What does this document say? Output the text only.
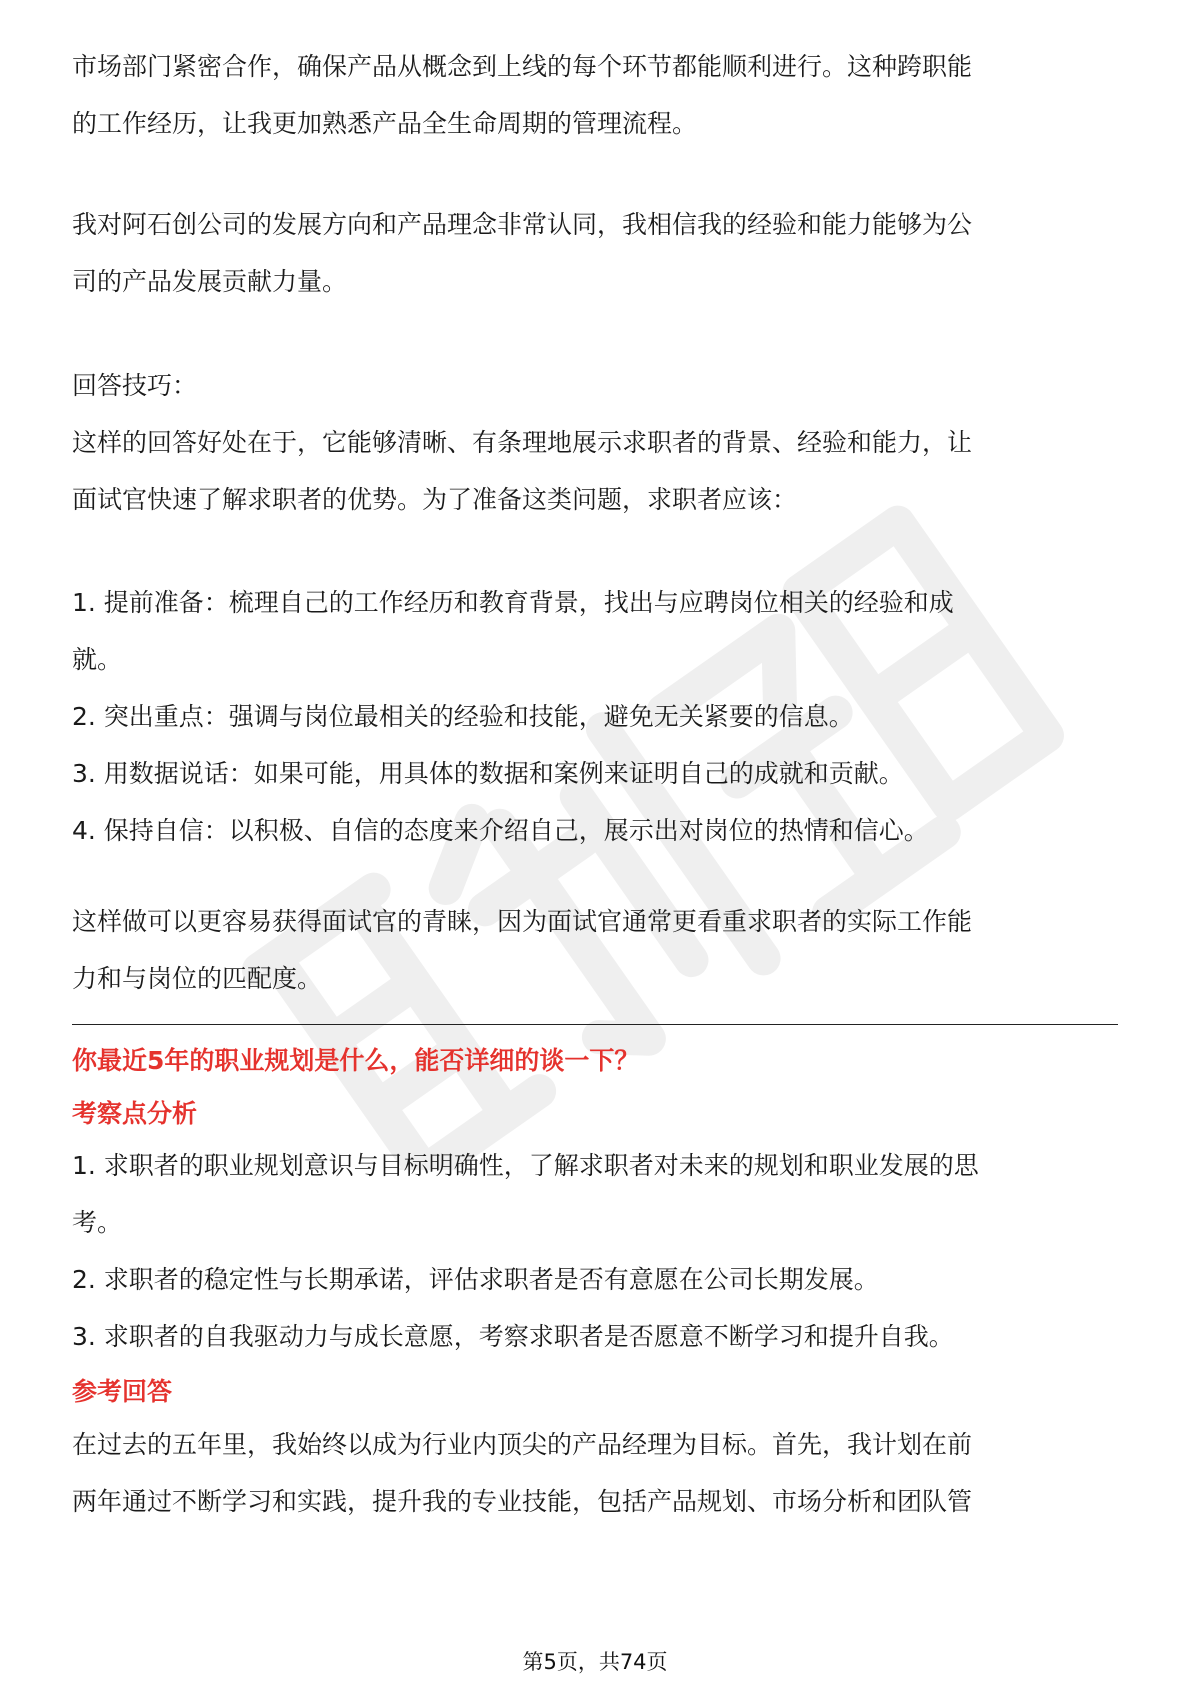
市场部门紧密合作，确保产品从概念到上线的每个环节都能顺利进行。这种跨职能
的工作经历，让我更加熟悉产品全生命周期的管理流程。

我对阿石创公司的发展方向和产品理念非常认同，我相信我的经验和能力能够为公
司的产品发展贡献力量。

回答技巧：
这样的回答好处在于，它能够清晰、有条理地展示求职者的背景、经验和能力，让
面试官快速了解求职者的优势。为了准备这类问题，求职者应该：

1. 提前准备：梳理自己的工作经历和教育背景，找出与应聘岗位相关的经验和成
就。
2. 突出重点：强调与岗位最相关的经验和技能，避免无关紧要的信息。
3. 用数据说话：如果可能，用具体的数据和案例来证明自己的成就和贡献。
4. 保持自信：以积极、自信的态度来介绍自己，展示出对岗位的热情和信心。

这样做可以更容易获得面试官的青睐，因为面试官通常更看重求职者的实际工作能
力和与岗位的匹配度。

你最近5年的职业规划是什么，能否详细的谈一下？

考察点分析

1. 求职者的职业规划意识与目标明确性，了解求职者对未来的规划和职业发展的思
考。
2. 求职者的稳定性与长期承诺，评估求职者是否有意愿在公司长期发展。
3. 求职者的自我驱动力与成长意愿，考察求职者是否愿意不断学习和提升自我。

参考回答

在过去的五年里，我始终以成为行业内顶尖的产品经理为目标。首先，我计划在前
两年通过不断学习和实践，提升我的专业技能，包括产品规划、市场分析和团队管

第5页，共74页
